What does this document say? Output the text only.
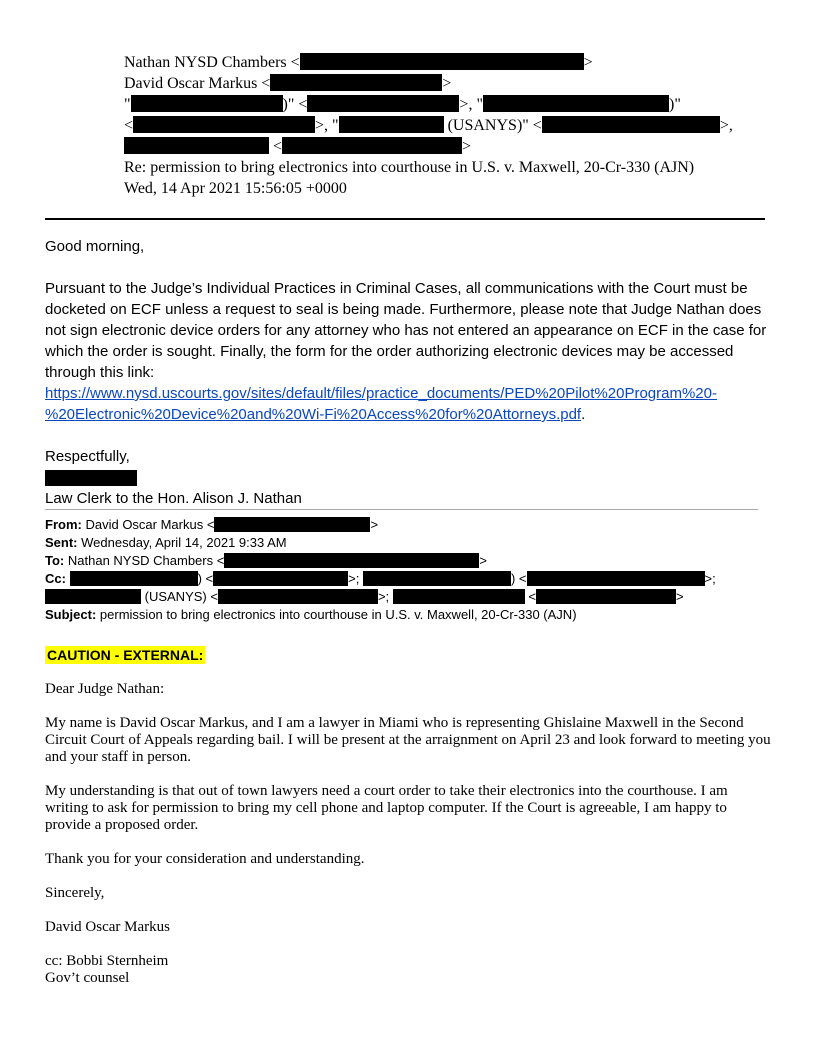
Nathan NYSD Chambers <	>
David Oscar Markus <	>
"	)" <	>, "	)"
<	>, "	(USANYS)" <	>,
<	>
Re: permission to bring electronics into courthouse in U.S. v. Maxwell, 20-Cr-330 (AJN)
Wed, 14 Apr 2021 15:56:05 +0000

Good morning,

Pursuant to the Judge’s Individual Practices in Criminal Cases, all communications with the Court must be docketed on ECF unless a request to seal is being made. Furthermore, please note that Judge Nathan does not sign electronic device orders for any attorney who has not entered an appearance on ECF in the case for which the order is sought. Finally, the form for the order authorizing electronic devices may be accessed through this link: https://www.nysd.uscourts.gov/sites/default/files/practice_documents/PED%20Pilot%20Program%20-
%20Electronic%20Device%20and%20Wi-Fi%20Access%20for%20Attorneys.pdf.

Respectfully,
Law Clerk to the Hon. Alison J. Nathan
From: David Oscar Markus <	>
Sent: Wednesday, April 14, 2021 9:33 AM
To: Nathan NYSD Chambers <	>
Cc:	) <	>;	) <	>;
(USANYS) <	>;	<	>
Subject: permission to bring electronics into courthouse in U.S. v. Maxwell, 20-Cr-330 (AJN)
CAUTION - EXTERNAL:

Dear Judge Nathan:

My name is David Oscar Markus, and I am a lawyer in Miami who is representing Ghislaine Maxwell in the Second Circuit Court of Appeals regarding bail. I will be present at the arraignment on April 23 and look forward to meeting you and your staff in person.

My understanding is that out of town lawyers need a court order to take their electronics into the courthouse. I am writing to ask for permission to bring my cell phone and laptop computer. If the Court is agreeable, I am happy to provide a proposed order.

Thank you for your consideration and understanding.

Sincerely,

David Oscar Markus

cc: Bobbi Sternheim
Gov’t counsel
